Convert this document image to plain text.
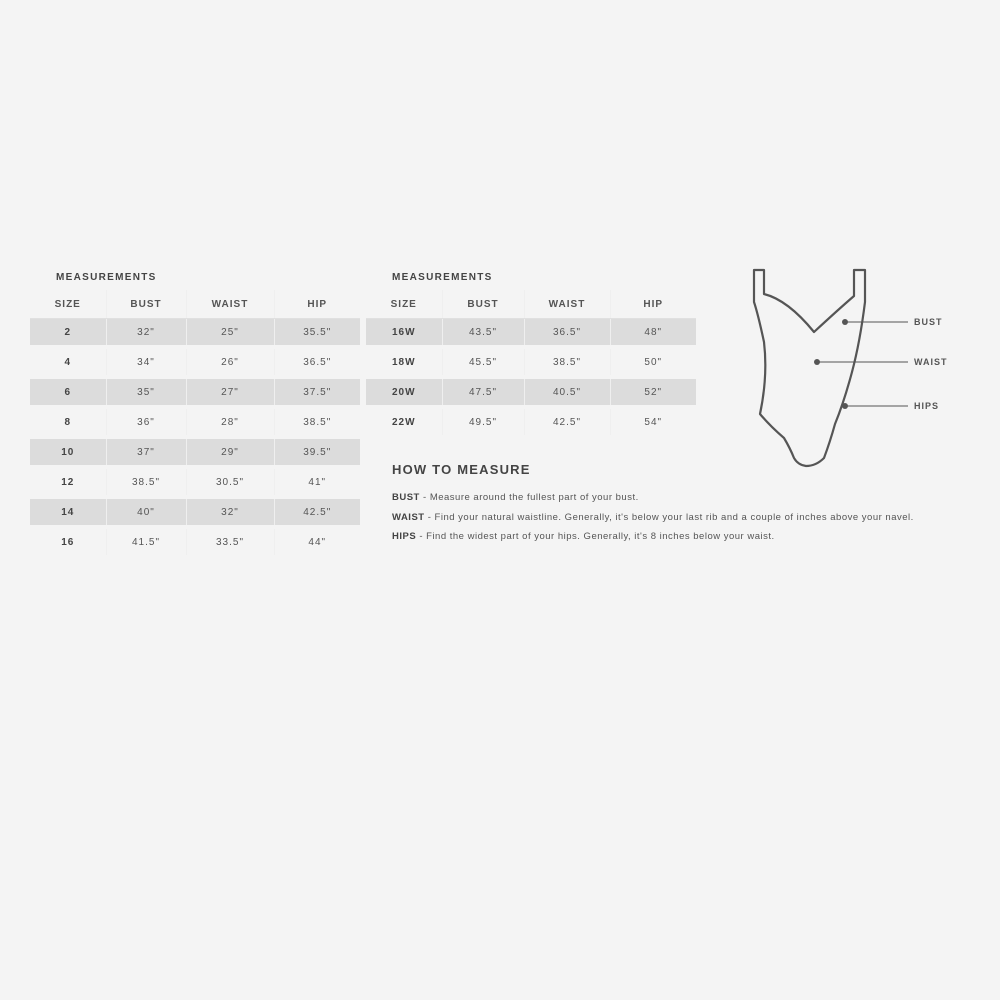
MEASUREMENTS
SIZE	BUST	WAIST	HIP
2	32"	25"	35.5"

4	34"	26"	36.5"

6	35"	27"	37.5"

8	36"	28"	38.5"

10	37"	29"	39.5"

12	38.5"	30.5"	41"

14	40"	32"	42.5"

16	41.5"	33.5"	44"
MEASUREMENTS
SIZE	BUST	WAIST	HIP
16W	43.5"	36.5"	48"

18W	45.5"	38.5"	50"

20W	47.5"	40.5"	52"

22W	49.5"	42.5"	54"
HOW TO MEASURE
BUST - Measure around the fullest part of your bust.
WAIST - Find your natural waistline. Generally, it's below your last rib and a couple of inches above your navel.
HIPS - Find the widest part of your hips. Generally, it's 8 inches below your waist.
BUST
WAIST
HIPS
